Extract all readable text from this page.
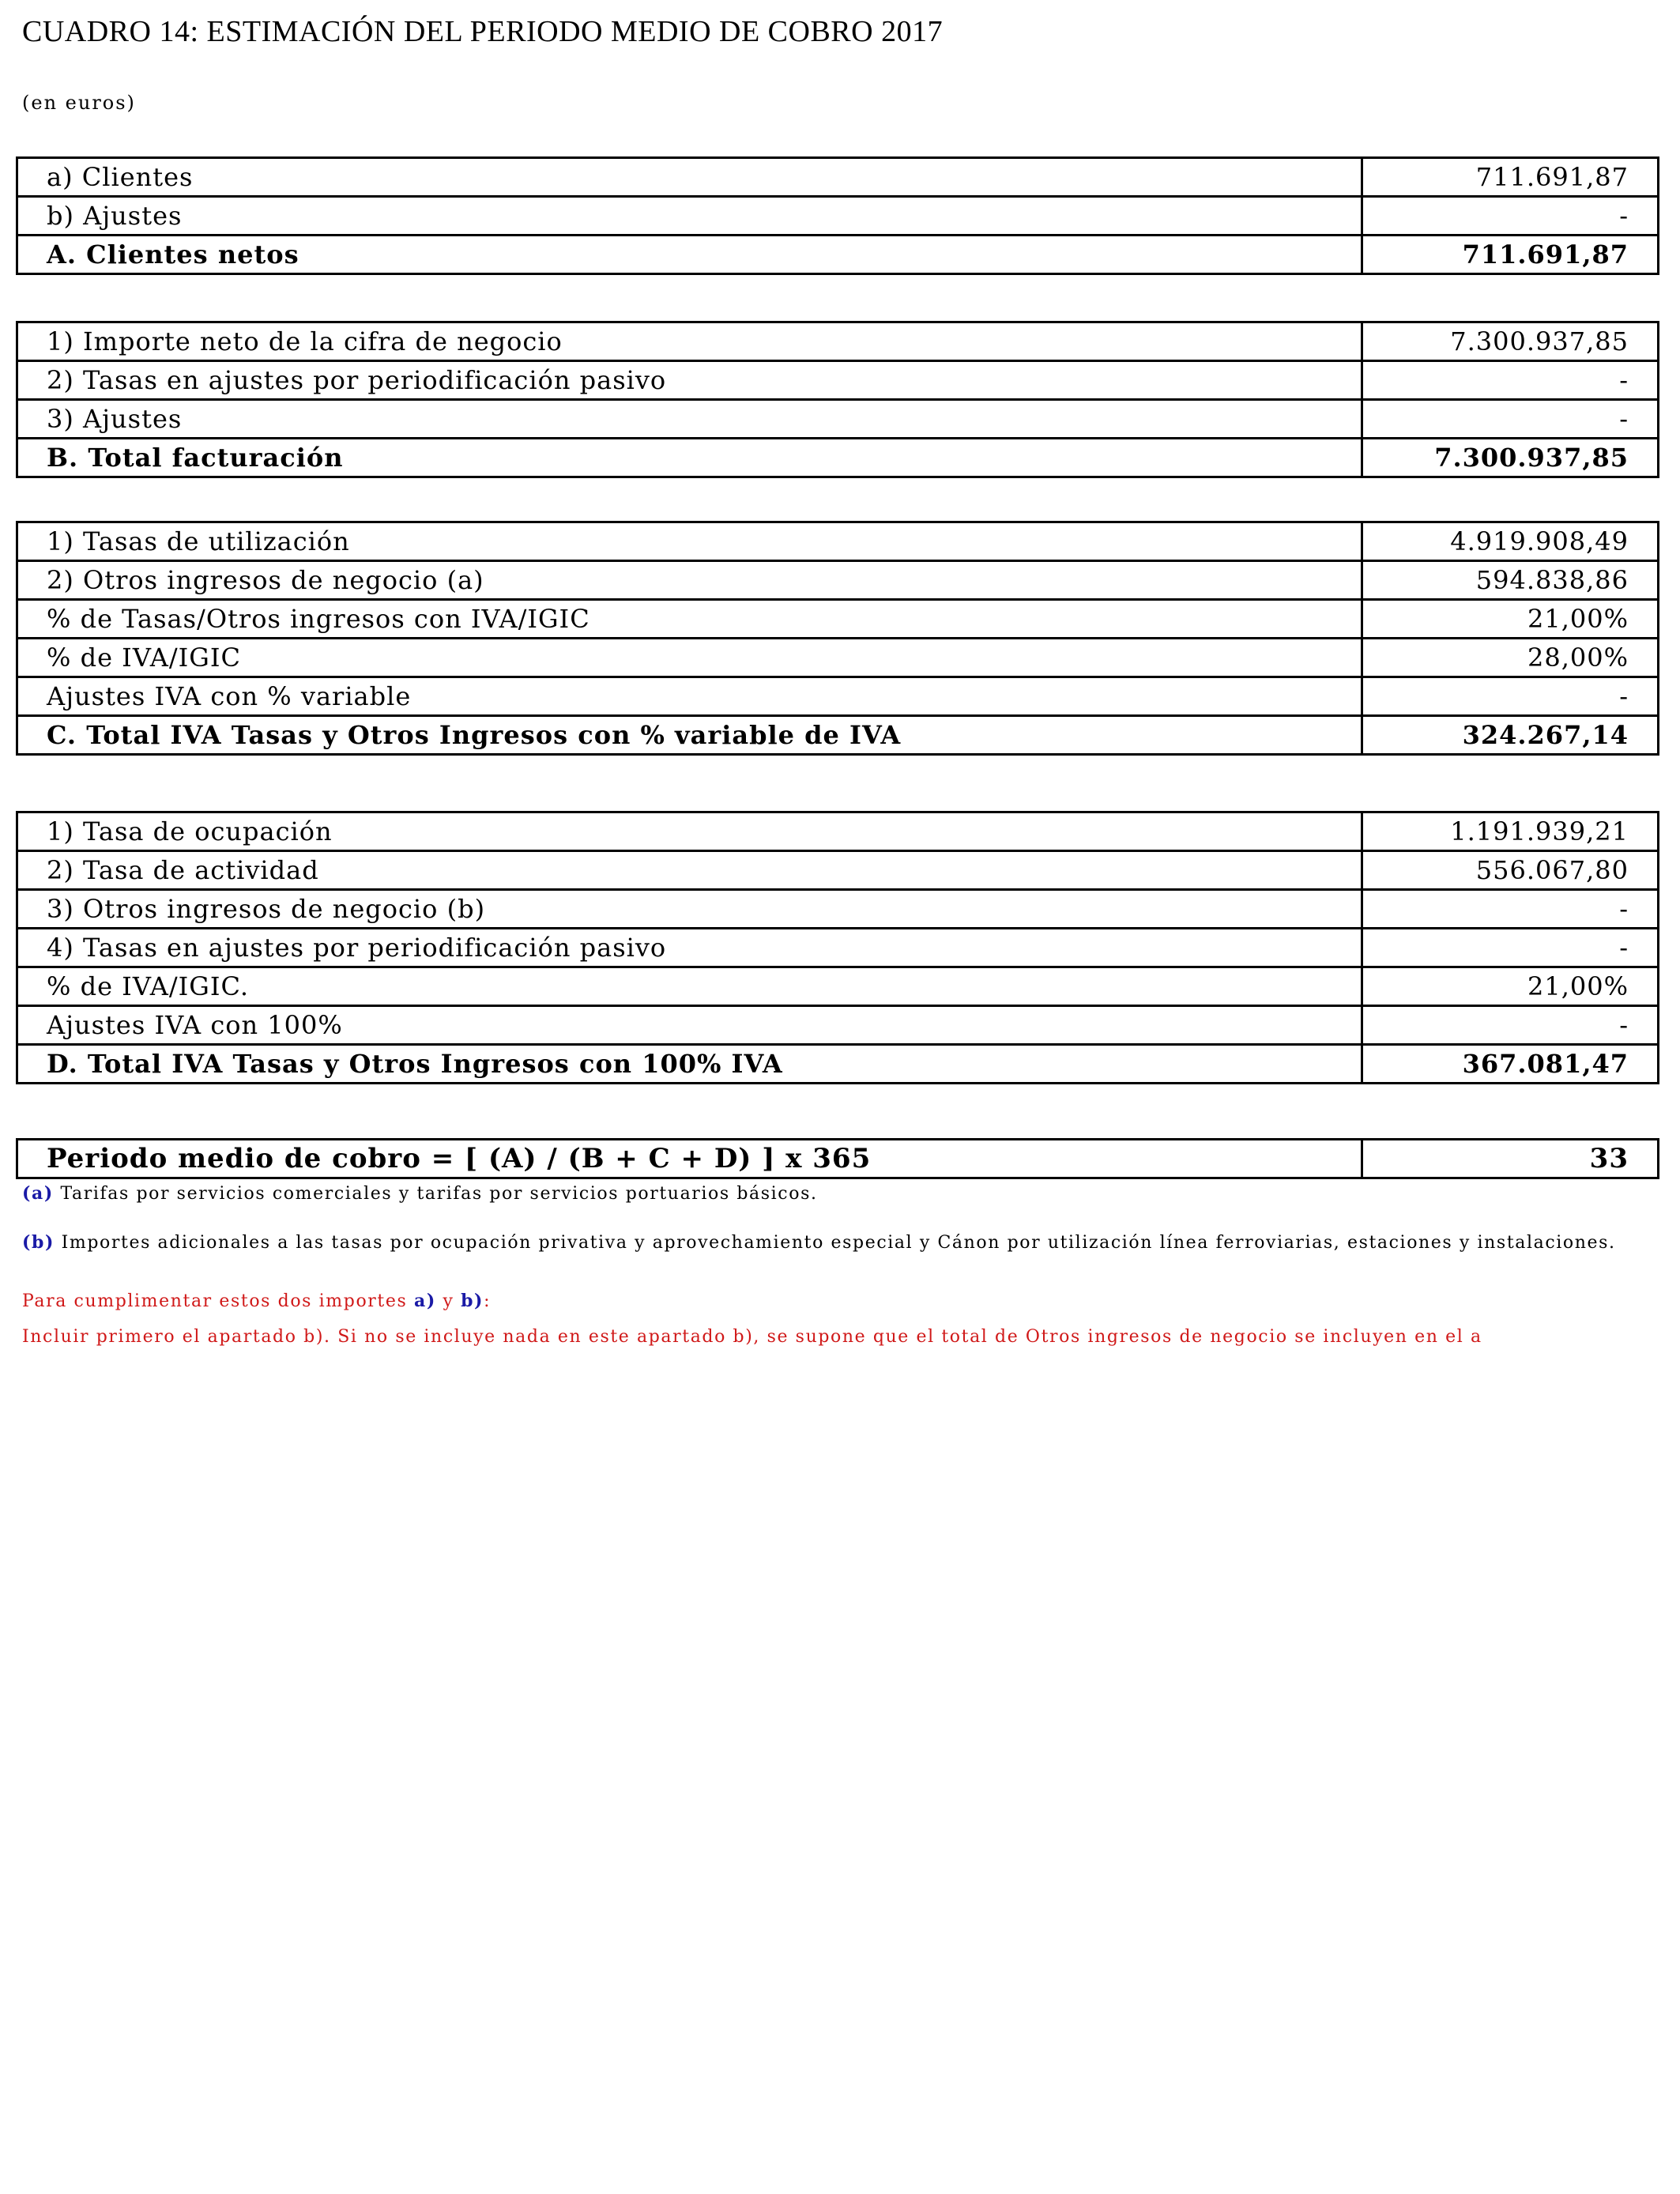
CUADRO 14: ESTIMACIÓN DEL PERIODO MEDIO DE COBRO 2017
(en euros)
a) Clientes	711.691,87
b) Ajustes	-
A. Clientes netos	711.691,87
1) Importe neto de la cifra de negocio	7.300.937,85
2) Tasas en ajustes por periodificación pasivo	-
3) Ajustes	-
B. Total facturación	7.300.937,85
1) Tasas de utilización	4.919.908,49
2) Otros ingresos de negocio (a)	594.838,86
% de Tasas/Otros ingresos con IVA/IGIC	21,00%
% de IVA/IGIC	28,00%
Ajustes IVA con % variable	-
C. Total IVA Tasas y Otros Ingresos con % variable de IVA	324.267,14
1) Tasa de ocupación	1.191.939,21
2) Tasa de actividad	556.067,80
3) Otros ingresos de negocio (b)	-
4) Tasas en ajustes por periodificación pasivo	-
% de IVA/IGIC.	21,00%
Ajustes IVA con 100%	-
D. Total IVA Tasas y Otros Ingresos con 100% IVA	367.081,47
Periodo medio de cobro = [ (A) / (B + C + D) ] x 365	33
(a) Tarifas por servicios comerciales y tarifas por servicios portuarios básicos.
(b) Importes adicionales a las tasas por ocupación privativa y aprovechamiento especial y Cánon por utilización línea ferroviarias, estaciones y instalaciones.
Para cumplimentar estos dos importes a) y b):
Incluir primero el apartado b). Si no se incluye nada en este apartado b), se supone que el total de Otros ingresos de negocio se incluyen en el a
